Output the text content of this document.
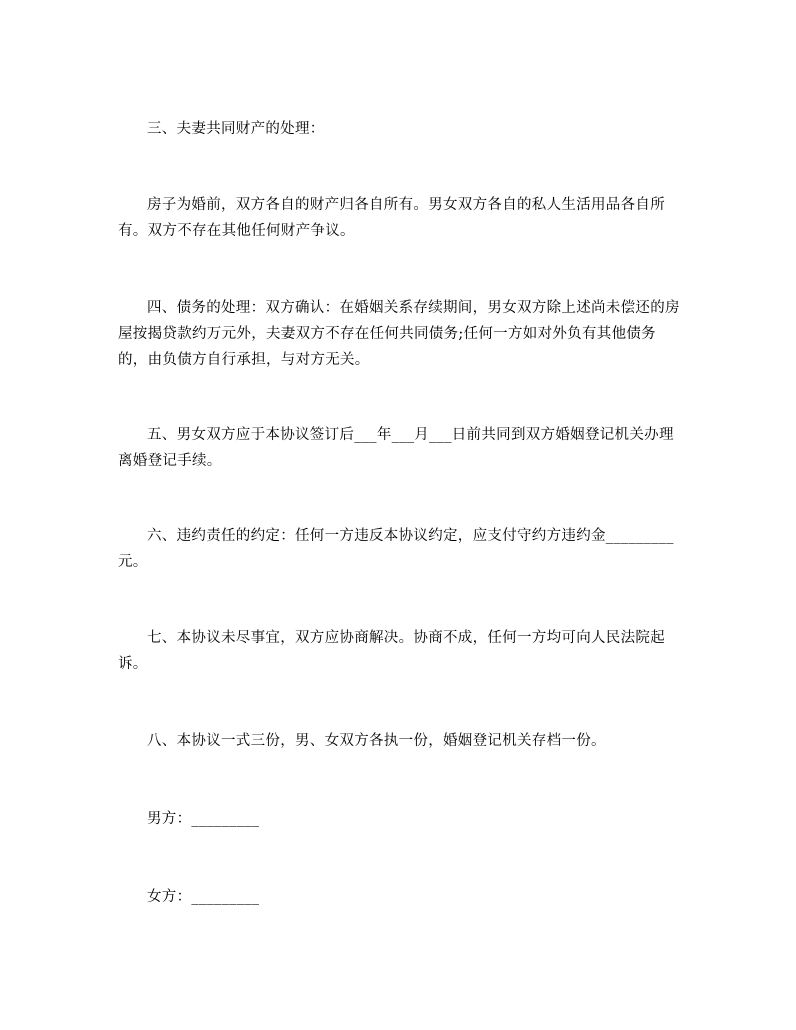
三、夫妻共同财产的处理：

房子为婚前，双方各自的财产归各自所有。男女双方各自的私人生活用品各自所有。双方不存在其他任何财产争议。

四、债务的处理：双方确认：在婚姻关系存续期间，男女双方除上述尚未偿还的房屋按揭贷款约万元外，夫妻双方不存在任何共同债务;任何一方如对外负有其他债务的，由负债方自行承担，与对方无关。

五、男女双方应于本协议签订后___年___月___日前共同到双方婚姻登记机关办理离婚登记手续。

六、违约责任的约定：任何一方违反本协议约定，应支付守约方违约金_________元。

七、本协议未尽事宜，双方应协商解决。协商不成，任何一方均可向人民法院起诉。

八、本协议一式三份，男、女双方各执一份，婚姻登记机关存档一份。

男方：_________

女方：_________
